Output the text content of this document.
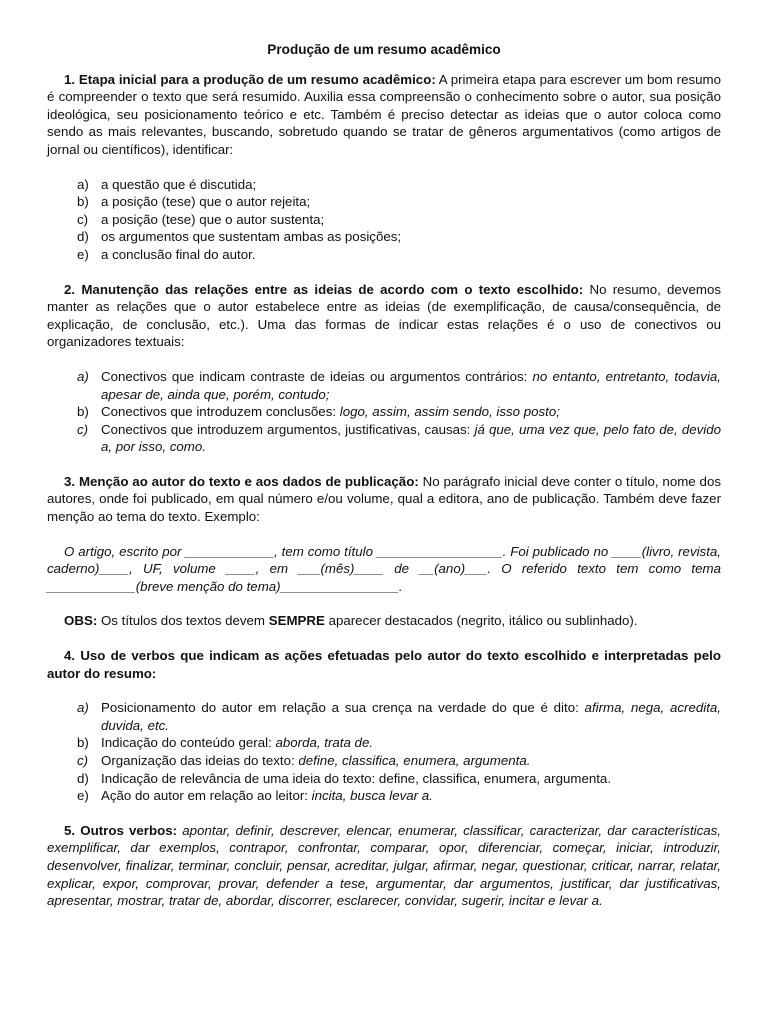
Produção de um resumo acadêmico

1. Etapa inicial para a produção de um resumo acadêmico: A primeira etapa para escrever um bom resumo é compreender o texto que será resumido. Auxilia essa compreensão o conhecimento sobre o autor, sua posição ideológica, seu posicionamento teórico e etc. Também é preciso detectar as ideias que o autor coloca como sendo as mais relevantes, buscando, sobretudo quando se tratar de gêneros argumentativos (como artigos de jornal ou científicos), identificar:

a) a questão que é discutida;
b) a posição (tese) que o autor rejeita;
c) a posição (tese) que o autor sustenta;
d) os argumentos que sustentam ambas as posições;
e) a conclusão final do autor.

2. Manutenção das relações entre as ideias de acordo com o texto escolhido: No resumo, devemos manter as relações que o autor estabelece entre as ideias (de exemplificação, de causa/consequência, de explicação, de conclusão, etc.). Uma das formas de indicar estas relações é o uso de conectivos ou organizadores textuais:

a) Conectivos que indicam contraste de ideias ou argumentos contrários: no entanto, entretanto, todavia, apesar de, ainda que, porém, contudo;
b) Conectivos que introduzem conclusões: logo, assim, assim sendo, isso posto;
c) Conectivos que introduzem argumentos, justificativas, causas: já que, uma vez que, pelo fato de, devido a, por isso, como.

3. Menção ao autor do texto e aos dados de publicação: No parágrafo inicial deve conter o título, nome dos autores, onde foi publicado, em qual número e/ou volume, qual a editora, ano de publicação. Também deve fazer menção ao tema do texto. Exemplo:

O artigo, escrito por ____________, tem como título _________________. Foi publicado no ____(livro, revista, caderno)____, UF, volume ____, em ___(mês)____ de __(ano)___. O referido texto tem como tema ____________(breve menção do tema)________________.

OBS: Os títulos dos textos devem SEMPRE aparecer destacados (negrito, itálico ou sublinhado).

4. Uso de verbos que indicam as ações efetuadas pelo autor do texto escolhido e interpretadas pelo autor do resumo:

a) Posicionamento do autor em relação a sua crença na verdade do que é dito: afirma, nega, acredita, duvida, etc.
b) Indicação do conteúdo geral: aborda, trata de.
c) Organização das ideias do texto: define, classifica, enumera, argumenta.
d) Indicação de relevância de uma ideia do texto: define, classifica, enumera, argumenta.
e) Ação do autor em relação ao leitor: incita, busca levar a.

5. Outros verbos: apontar, definir, descrever, elencar, enumerar, classificar, caracterizar, dar características, exemplificar, dar exemplos, contrapor, confrontar, comparar, opor, diferenciar, começar, iniciar, introduzir, desenvolver, finalizar, terminar, concluir, pensar, acreditar, julgar, afirmar, negar, questionar, criticar, narrar, relatar, explicar, expor, comprovar, provar, defender a tese, argumentar, dar argumentos, justificar, dar justificativas, apresentar, mostrar, tratar de, abordar, discorrer, esclarecer, convidar, sugerir, incitar e levar a.
